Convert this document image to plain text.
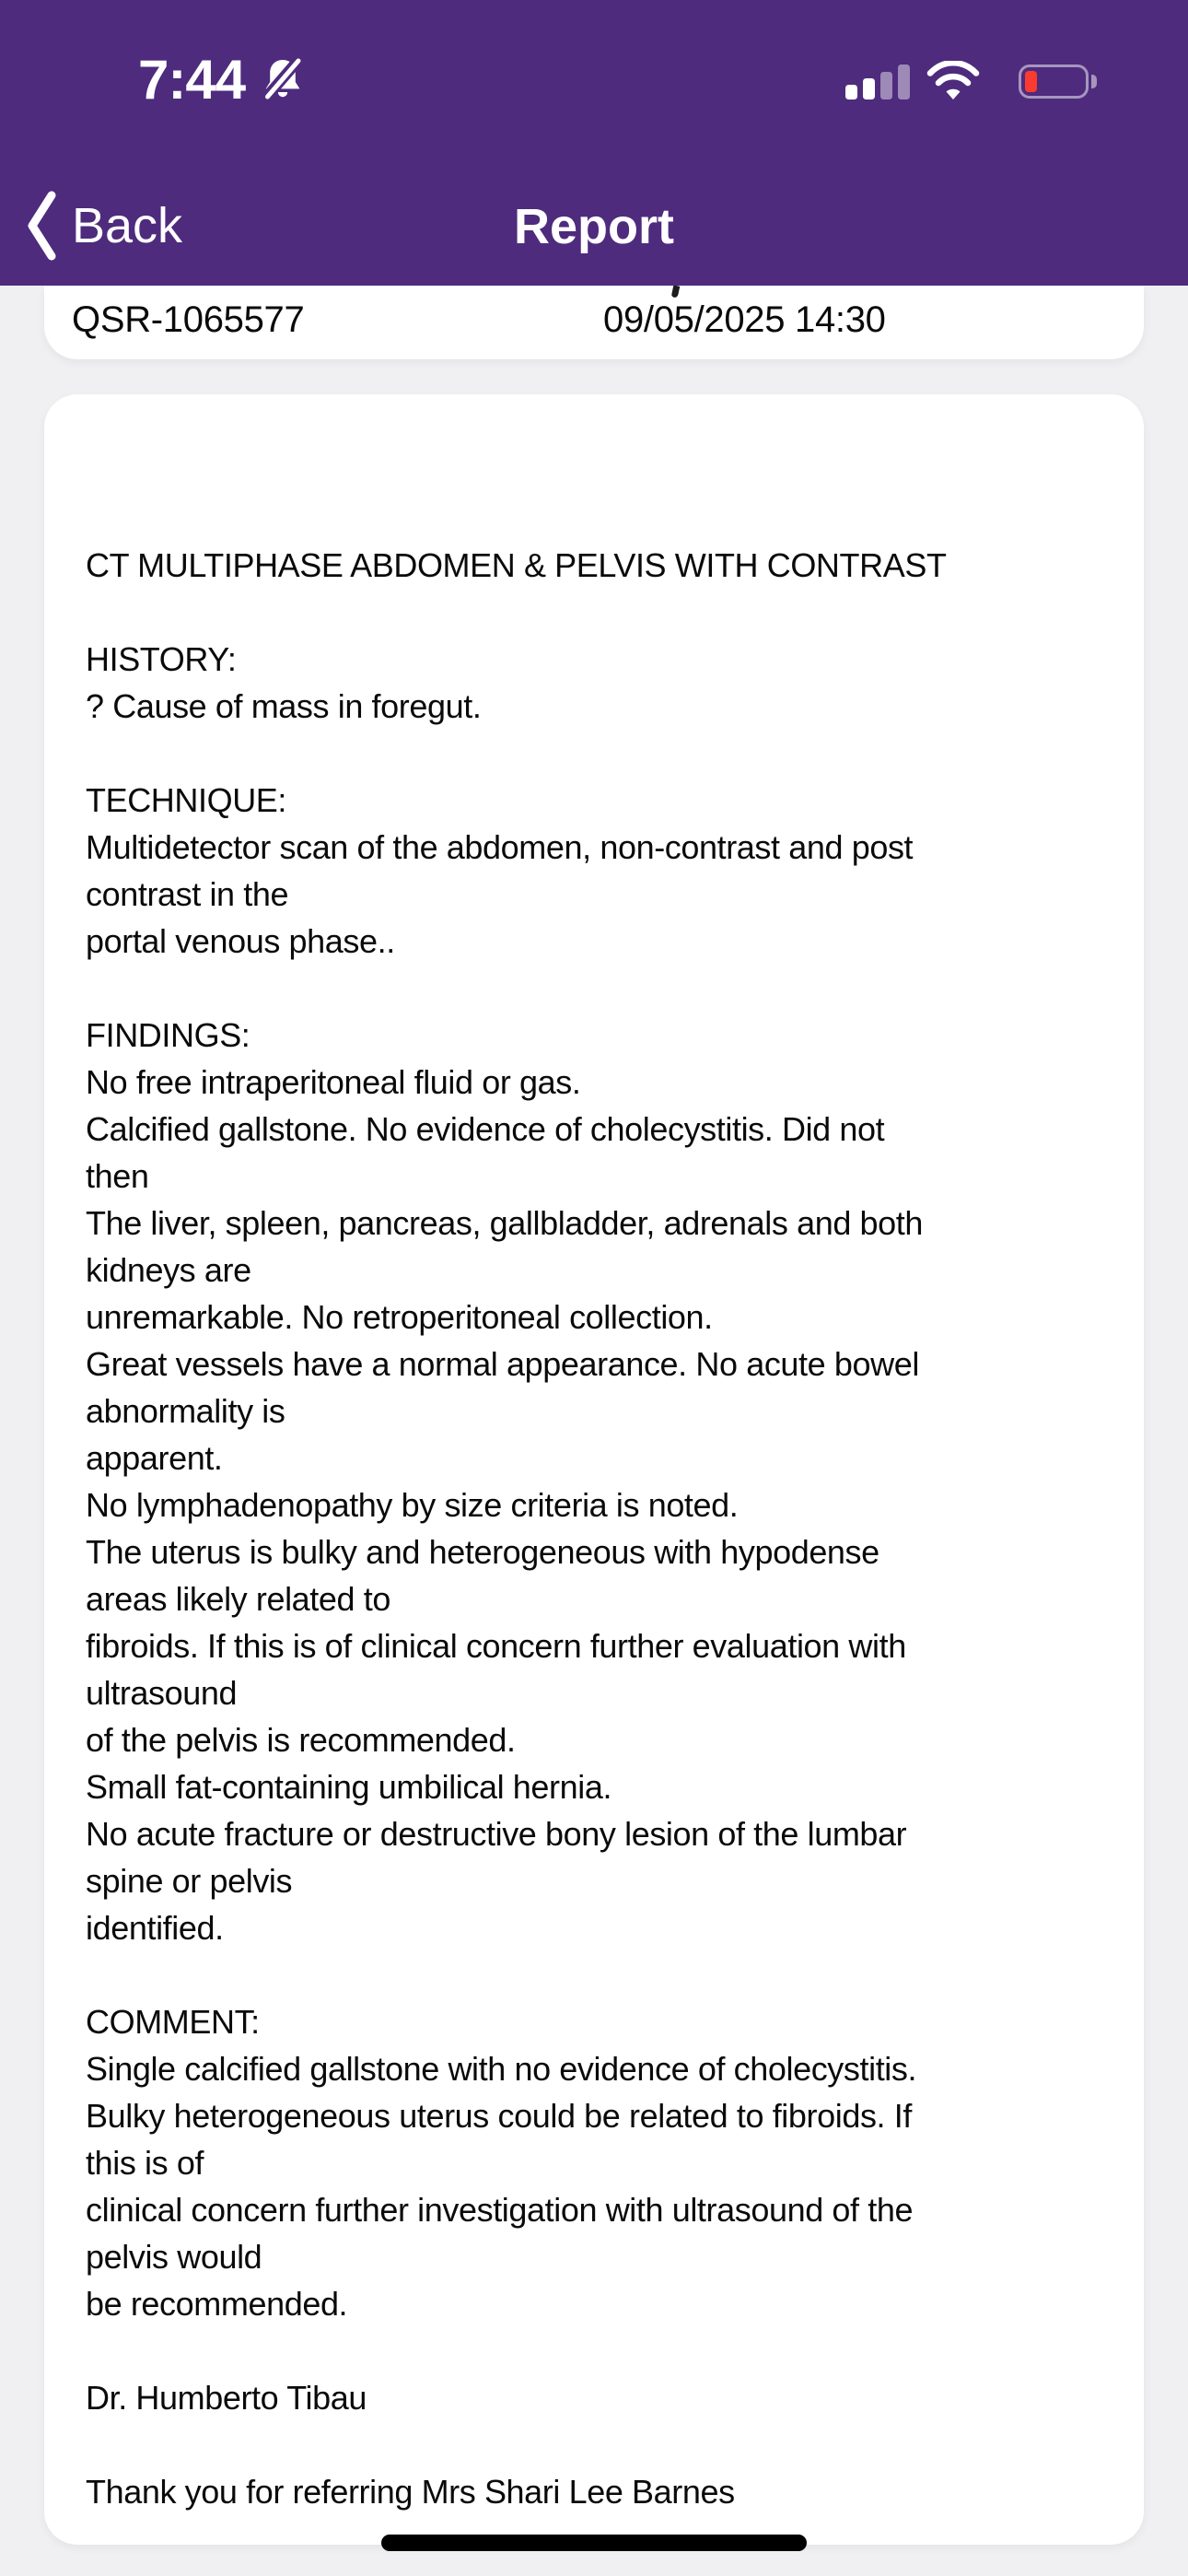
7:44
Back	Report
QSR-1065577	09/05/2025 14:30
CT MULTIPHASE ABDOMEN & PELVIS WITH CONTRAST

HISTORY:
? Cause of mass in foregut.

TECHNIQUE:
Multidetector scan of the abdomen, non-contrast and post
contrast in the
portal venous phase..

FINDINGS:
No free intraperitoneal fluid or gas.
Calcified gallstone. No evidence of cholecystitis. Did not
then
The liver, spleen, pancreas, gallbladder, adrenals and both
kidneys are
unremarkable. No retroperitoneal collection.
Great vessels have a normal appearance. No acute bowel
abnormality is
apparent.
No lymphadenopathy by size criteria is noted.
The uterus is bulky and heterogeneous with hypodense
areas likely related to
fibroids. If this is of clinical concern further evaluation with
ultrasound
of the pelvis is recommended.
Small fat-containing umbilical hernia.
No acute fracture or destructive bony lesion of the lumbar
spine or pelvis
identified.

COMMENT:
Single calcified gallstone with no evidence of cholecystitis.
Bulky heterogeneous uterus could be related to fibroids. If
this is of
clinical concern further investigation with ultrasound of the
pelvis would
be recommended.

Dr. Humberto Tibau

Thank you for referring Mrs Shari Lee Barnes
